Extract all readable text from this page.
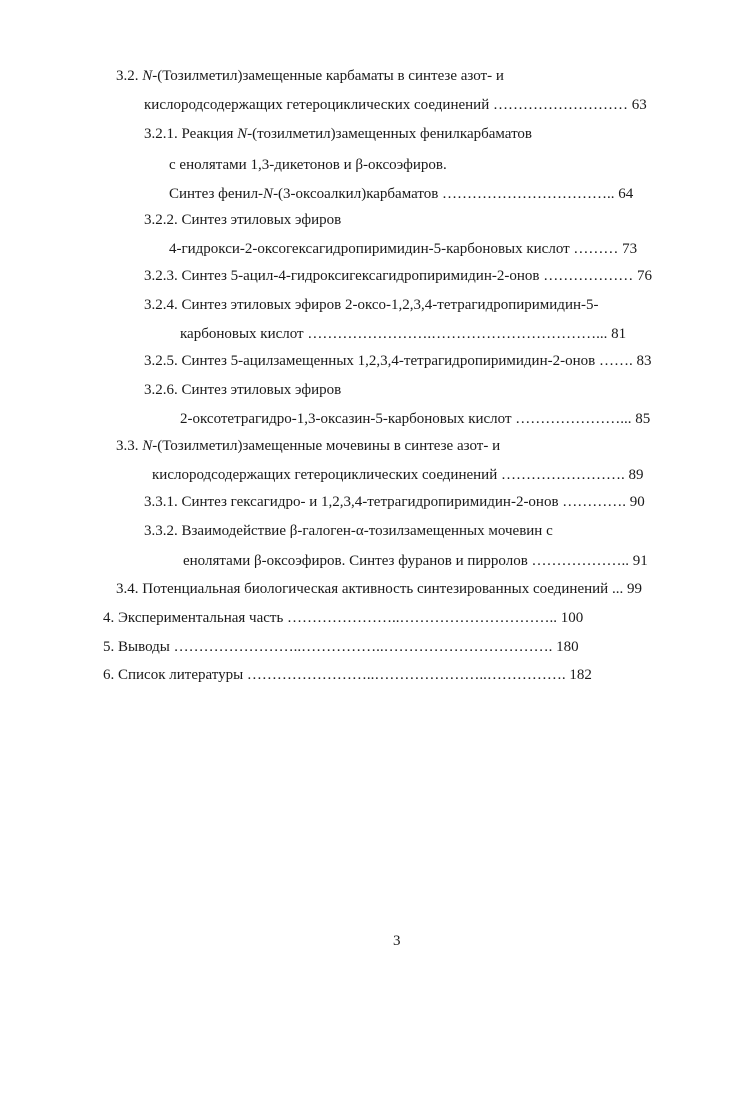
3.2. N-(Тозилметил)замещенные карбаматы в синтезе азот- и
кислородсодержащих гетероциклических соединений ……………………… 63
3.2.1. Реакция N-(тозилметил)замещенных фенилкарбаматов
с енолятами 1,3-дикетонов и β-оксоэфиров.
Синтез фенил-N-(3-оксоалкил)карбаматов …………………………….. 64
3.2.2. Синтез этиловых эфиров
4-гидрокси-2-оксогексагидропиримидин-5-карбоновых кислот ……… 73
3.2.3. Синтез 5-ацил-4-гидроксигексагидропиримидин-2-онов ……………… 76
3.2.4. Синтез этиловых эфиров 2-оксо-1,2,3,4-тетрагидропиримидин-5-
карбоновых кислот …………………….……………………………... 81
3.2.5. Синтез 5-ацилзамещенных 1,2,3,4-тетрагидропиримидин-2-онов ……. 83
3.2.6. Синтез этиловых эфиров
2-оксотетрагидро-1,3-оксазин-5-карбоновых кислот …………………... 85
3.3. N-(Тозилметил)замещенные мочевины в синтезе азот- и
кислородсодержащих гетероциклических соединений ……………………. 89
3.3.1. Синтез гексагидро- и 1,2,3,4-тетрагидропиримидин-2-онов …………. 90
3.3.2. Взаимодействие β-галоген-α-тозилзамещенных мочевин с
енолятами β-оксоэфиров. Синтез фуранов и пирролов ……………….. 91
3.4. Потенциальная биологическая активность синтезированных соединений ... 99
4. Экспериментальная часть …………………..………………………….. 100
5. Выводы ……………………..……………..……………………………. 180
6. Список литературы ……………………..…………………..……………. 182
3
